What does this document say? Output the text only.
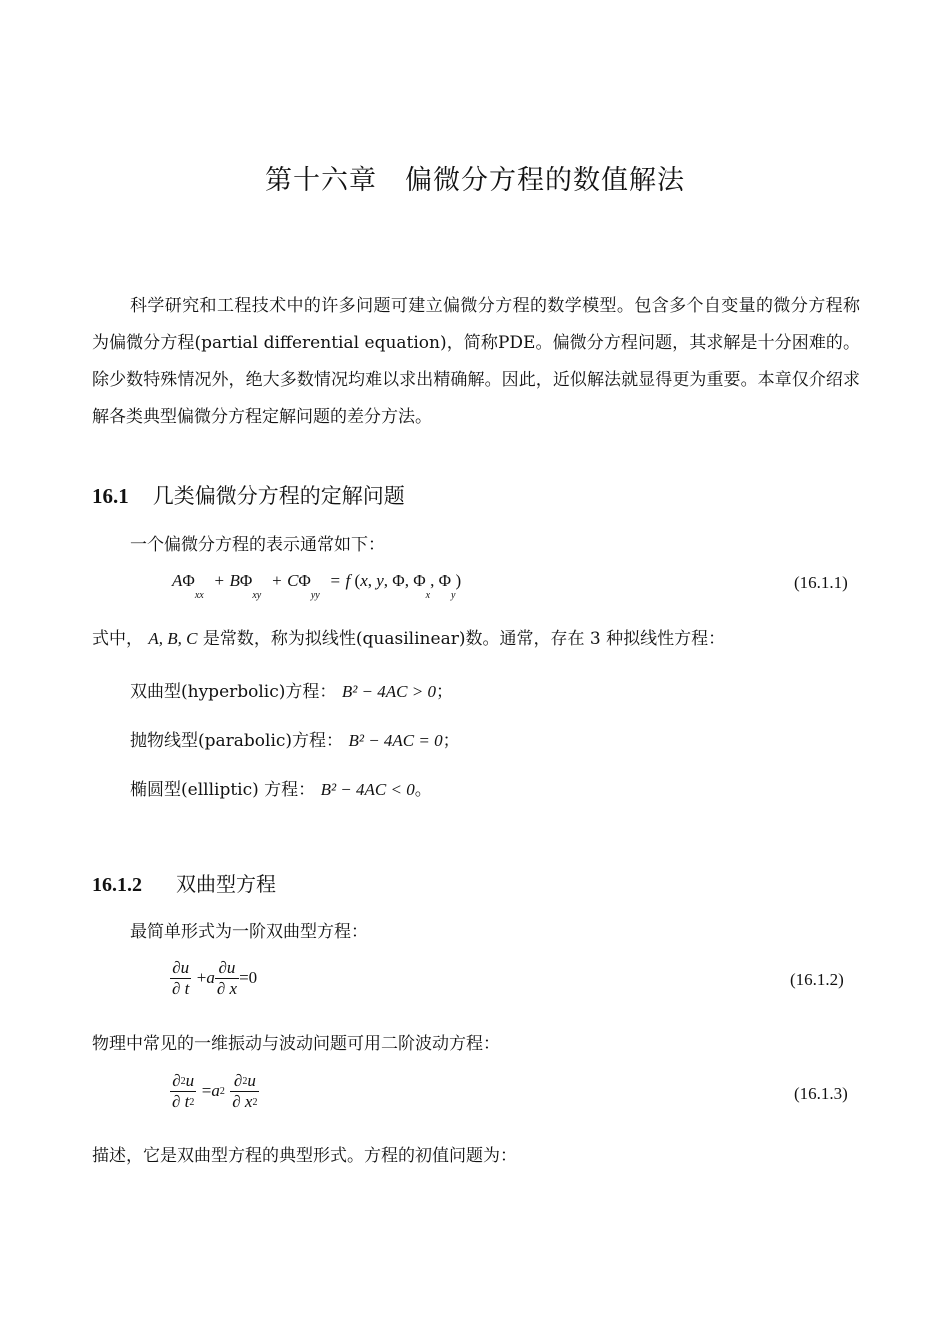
第十六章 偏微分方程的数值解法
科学研究和工程技术中的许多问题可建立偏微分方程的数学模型。包含多个自变量的微分方程称为偏微分方程(partial differential equation)，简称PDE。偏微分方程问题，其求解是十分困难的。除少数特殊情况外，绝大多数情况均难以求出精确解。因此，近似解法就显得更为重要。本章仅介绍求解各类典型偏微分方程定解问题的差分方法。
16.1 几类偏微分方程的定解问题
一个偏微分方程的表示通常如下：
$A\Phi_{xx} + B\Phi_{xy} + C\Phi_{yy} = f$ (x, y, Φ, $\Phi_x$, $\Phi_y$)	(16.1.1)
式中， A, B, C 是常数，称为拟线性(quasilinear)数。通常，存在 3 种拟线性方程：
双曲型(hyperbolic)方程： B² − 4AC > 0；
抛物线型(parabolic)方程： B² − 4AC = 0；
椭圆型(ellliptic) 方程： B² − 4AC < 0。
16.1.2 双曲型方程
最简单形式为一阶双曲型方程：
$\frac{\partial u}{\partial t} +a \frac{\partial u}{\partial x} =0$	(16.1.2)
物理中常见的一维振动与波动问题可用二阶波动方程：
$\frac{\partial 2u}{\partial t2} =a2 \frac{\partial 2u}{\partial x2}$	(16.1.3)
描述，它是双曲型方程的典型形式。方程的初值问题为：
